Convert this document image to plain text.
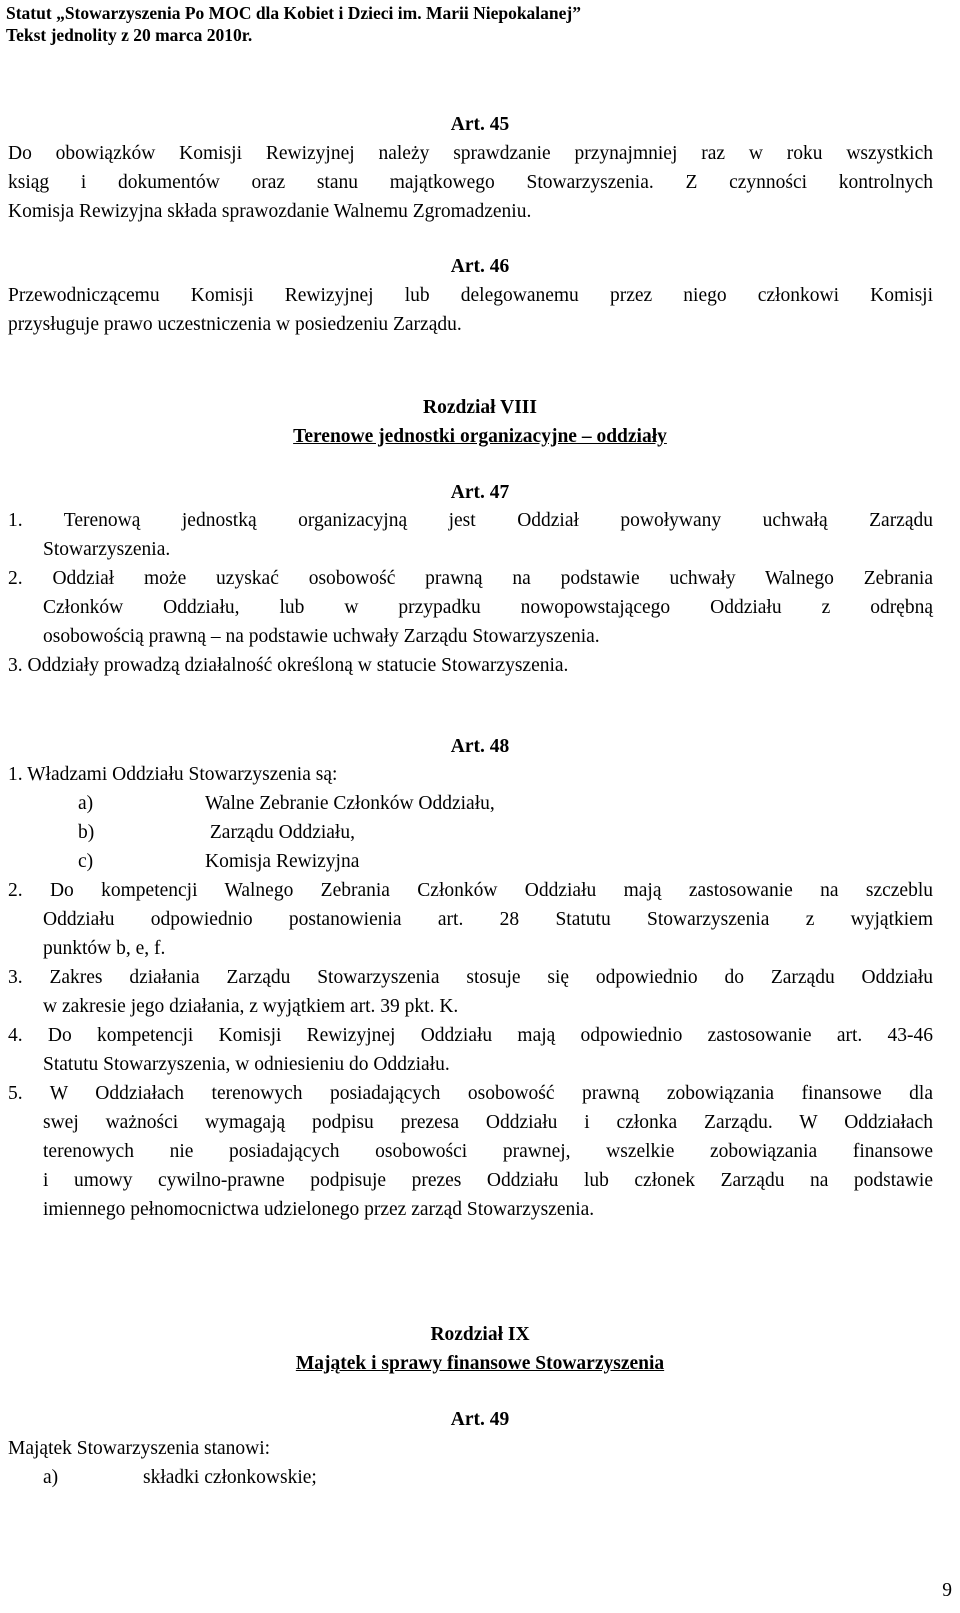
Statut „Stowarzyszenia Po MOC dla Kobiet i Dzieci im. Marii Niepokalanej”
Tekst jednolity z 20 marca 2010r.
Art. 45
Do obowiązków Komisji Rewizyjnej należy sprawdzanie przynajmniej raz w roku wszystkich
ksiąg i dokumentów oraz stanu majątkowego Stowarzyszenia. Z czynności kontrolnych
Komisja Rewizyjna składa sprawozdanie Walnemu Zgromadzeniu.
Art. 46
Przewodniczącemu Komisji Rewizyjnej lub delegowanemu przez niego członkowi Komisji
przysługuje prawo uczestniczenia w posiedzeniu Zarządu.
Rozdział VIII
Terenowe jednostki organizacyjne – oddziały
Art. 47
1. Terenową jednostką organizacyjną jest Oddział powoływany uchwałą Zarządu
Stowarzyszenia.
2. Oddział może uzyskać osobowość prawną na podstawie uchwały Walnego Zebrania
Członków Oddziału, lub w przypadku nowopowstającego Oddziału z odrębną
osobowością prawną – na podstawie uchwały Zarządu Stowarzyszenia.
3. Oddziały prowadzą działalność określoną w statucie Stowarzyszenia.
Art. 48
1. Władzami Oddziału Stowarzyszenia są:
a)	Walne Zebranie Członków Oddziału,
b)	Zarządu Oddziału,
c)	Komisja Rewizyjna
2. Do kompetencji Walnego Zebrania Członków Oddziału mają zastosowanie na szczeblu
Oddziału odpowiednio postanowienia art. 28 Statutu Stowarzyszenia z wyjątkiem
punktów b, e, f.
3. Zakres działania Zarządu Stowarzyszenia stosuje się odpowiednio do Zarządu Oddziału
w zakresie jego działania, z wyjątkiem art. 39 pkt. K.
4. Do kompetencji Komisji Rewizyjnej Oddziału mają odpowiednio zastosowanie art. 43-46
Statutu Stowarzyszenia, w odniesieniu do Oddziału.
5. W Oddziałach terenowych posiadających osobowość prawną zobowiązania finansowe dla
swej ważności wymagają podpisu prezesa Oddziału i członka Zarządu. W Oddziałach
terenowych nie posiadających osobowości prawnej, wszelkie zobowiązania finansowe
i umowy cywilno-prawne podpisuje prezes Oddziału lub członek Zarządu na podstawie
imiennego pełnomocnictwa udzielonego przez zarząd Stowarzyszenia.
Rozdział IX
Majątek i sprawy finansowe Stowarzyszenia
Art. 49
Majątek Stowarzyszenia stanowi:
a)	składki członkowskie;
9
